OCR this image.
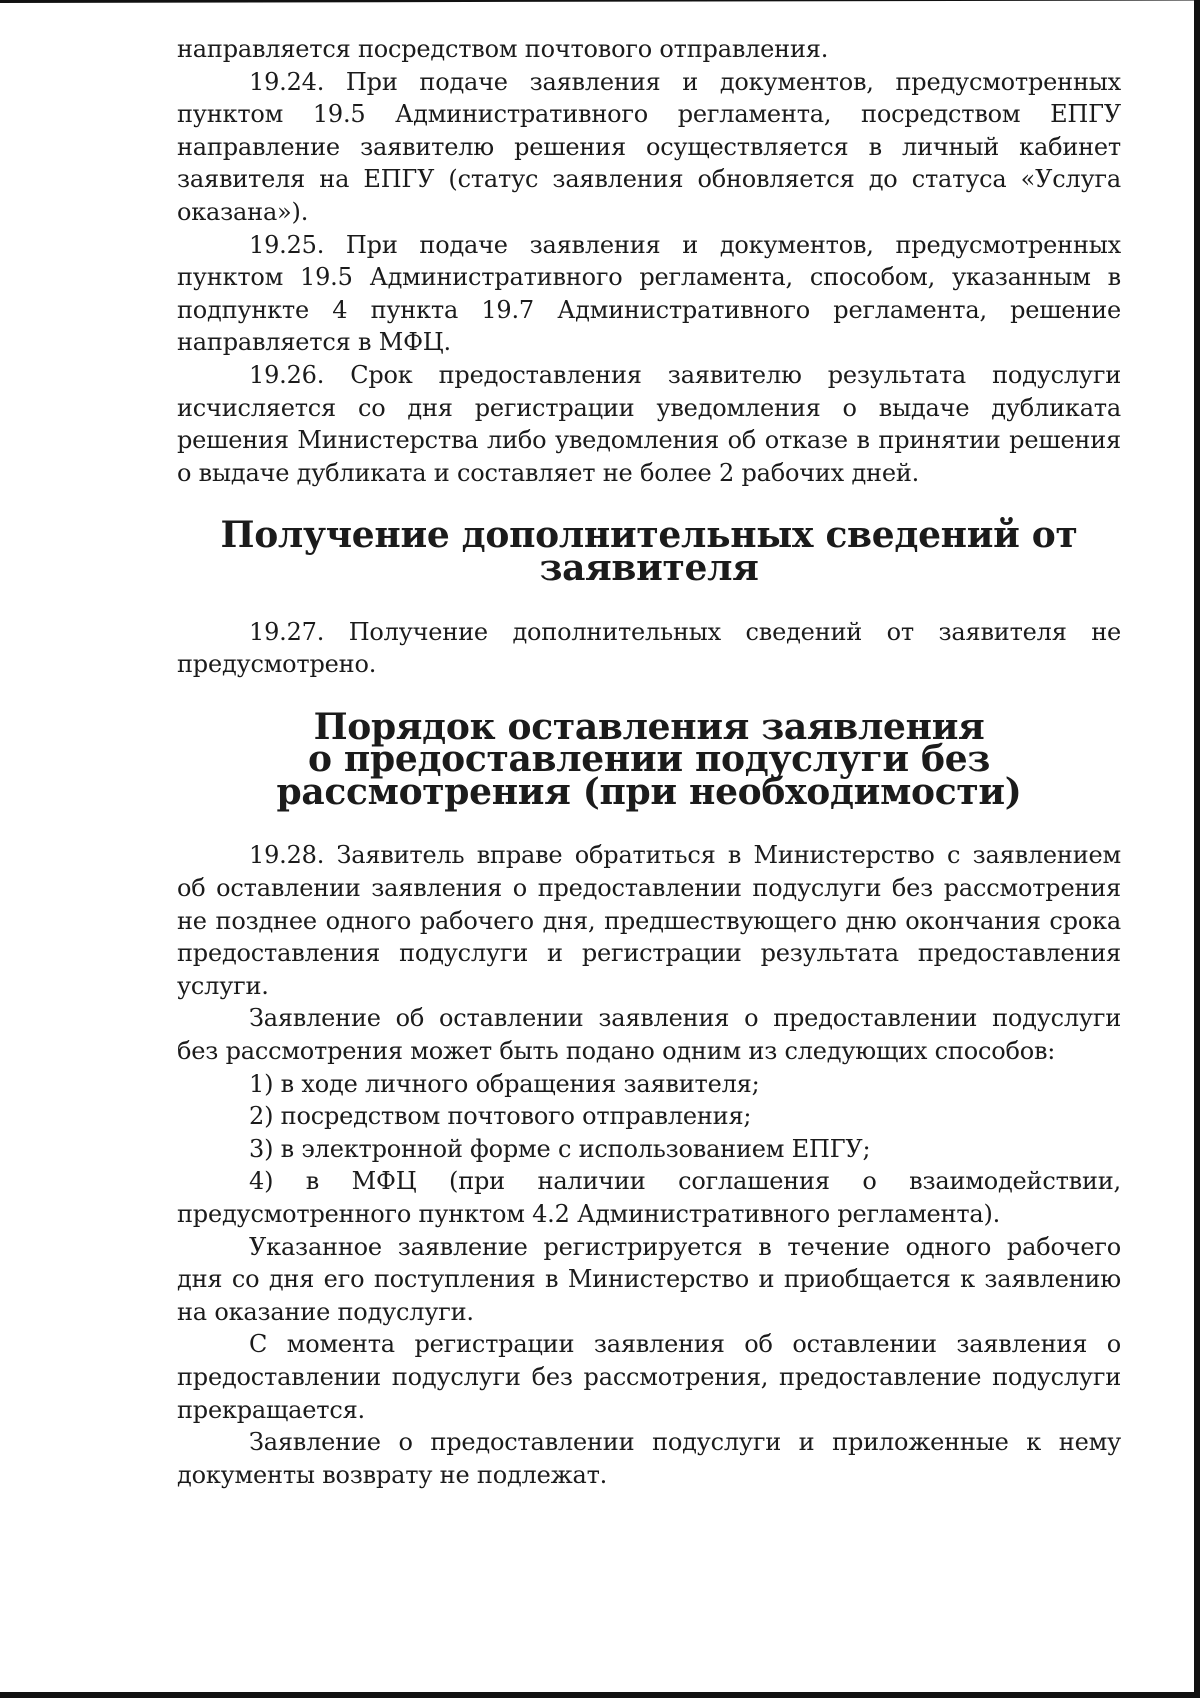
направляется посредством почтового отправления.

19.24. При подаче заявления и документов, предусмотренных пунктом 19.5 Административного регламента, посредством ЕПГУ направление заявителю решения осуществляется в личный кабинет заявителя на ЕПГУ (статус заявления обновляется до статуса «Услуга оказана»).

19.25. При подаче заявления и документов, предусмотренных пунктом 19.5 Административного регламента, способом, указанным в подпункте 4 пункта 19.7 Административного регламента, решение направляется в МФЦ.

19.26. Срок предоставления заявителю результата подуслуги исчисляется со дня регистрации уведомления о выдаче дубликата решения Министерства либо уведомления об отказе в принятии решения о выдаче дубликата и составляет не более 2 рабочих дней.

Получение дополнительных сведений от заявителя

19.27. Получение дополнительных сведений от заявителя не предусмотрено.

Порядок оставления заявления
о предоставлении подуслуги без рассмотрения (при необходимости)

19.28. Заявитель вправе обратиться в Министерство с заявлением об оставлении заявления о предоставлении подуслуги без рассмотрения не позднее одного рабочего дня, предшествующего дню окончания срока предоставления подуслуги и регистрации результата предоставления услуги.

Заявление об оставлении заявления о предоставлении подуслуги без рассмотрения может быть подано одним из следующих способов:

1) в ходе личного обращения заявителя;

2) посредством почтового отправления;

3) в электронной форме с использованием ЕПГУ;

4) в МФЦ (при наличии соглашения о взаимодействии, предусмотренного пунктом 4.2 Административного регламента).

Указанное заявление регистрируется в течение одного рабочего дня со дня его поступления в Министерство и приобщается к заявлению на оказание подуслуги.

С момента регистрации заявления об оставлении заявления о предоставлении подуслуги без рассмотрения, предоставление подуслуги прекращается.

Заявление о предоставлении подуслуги и приложенные к нему документы возврату не подлежат.
